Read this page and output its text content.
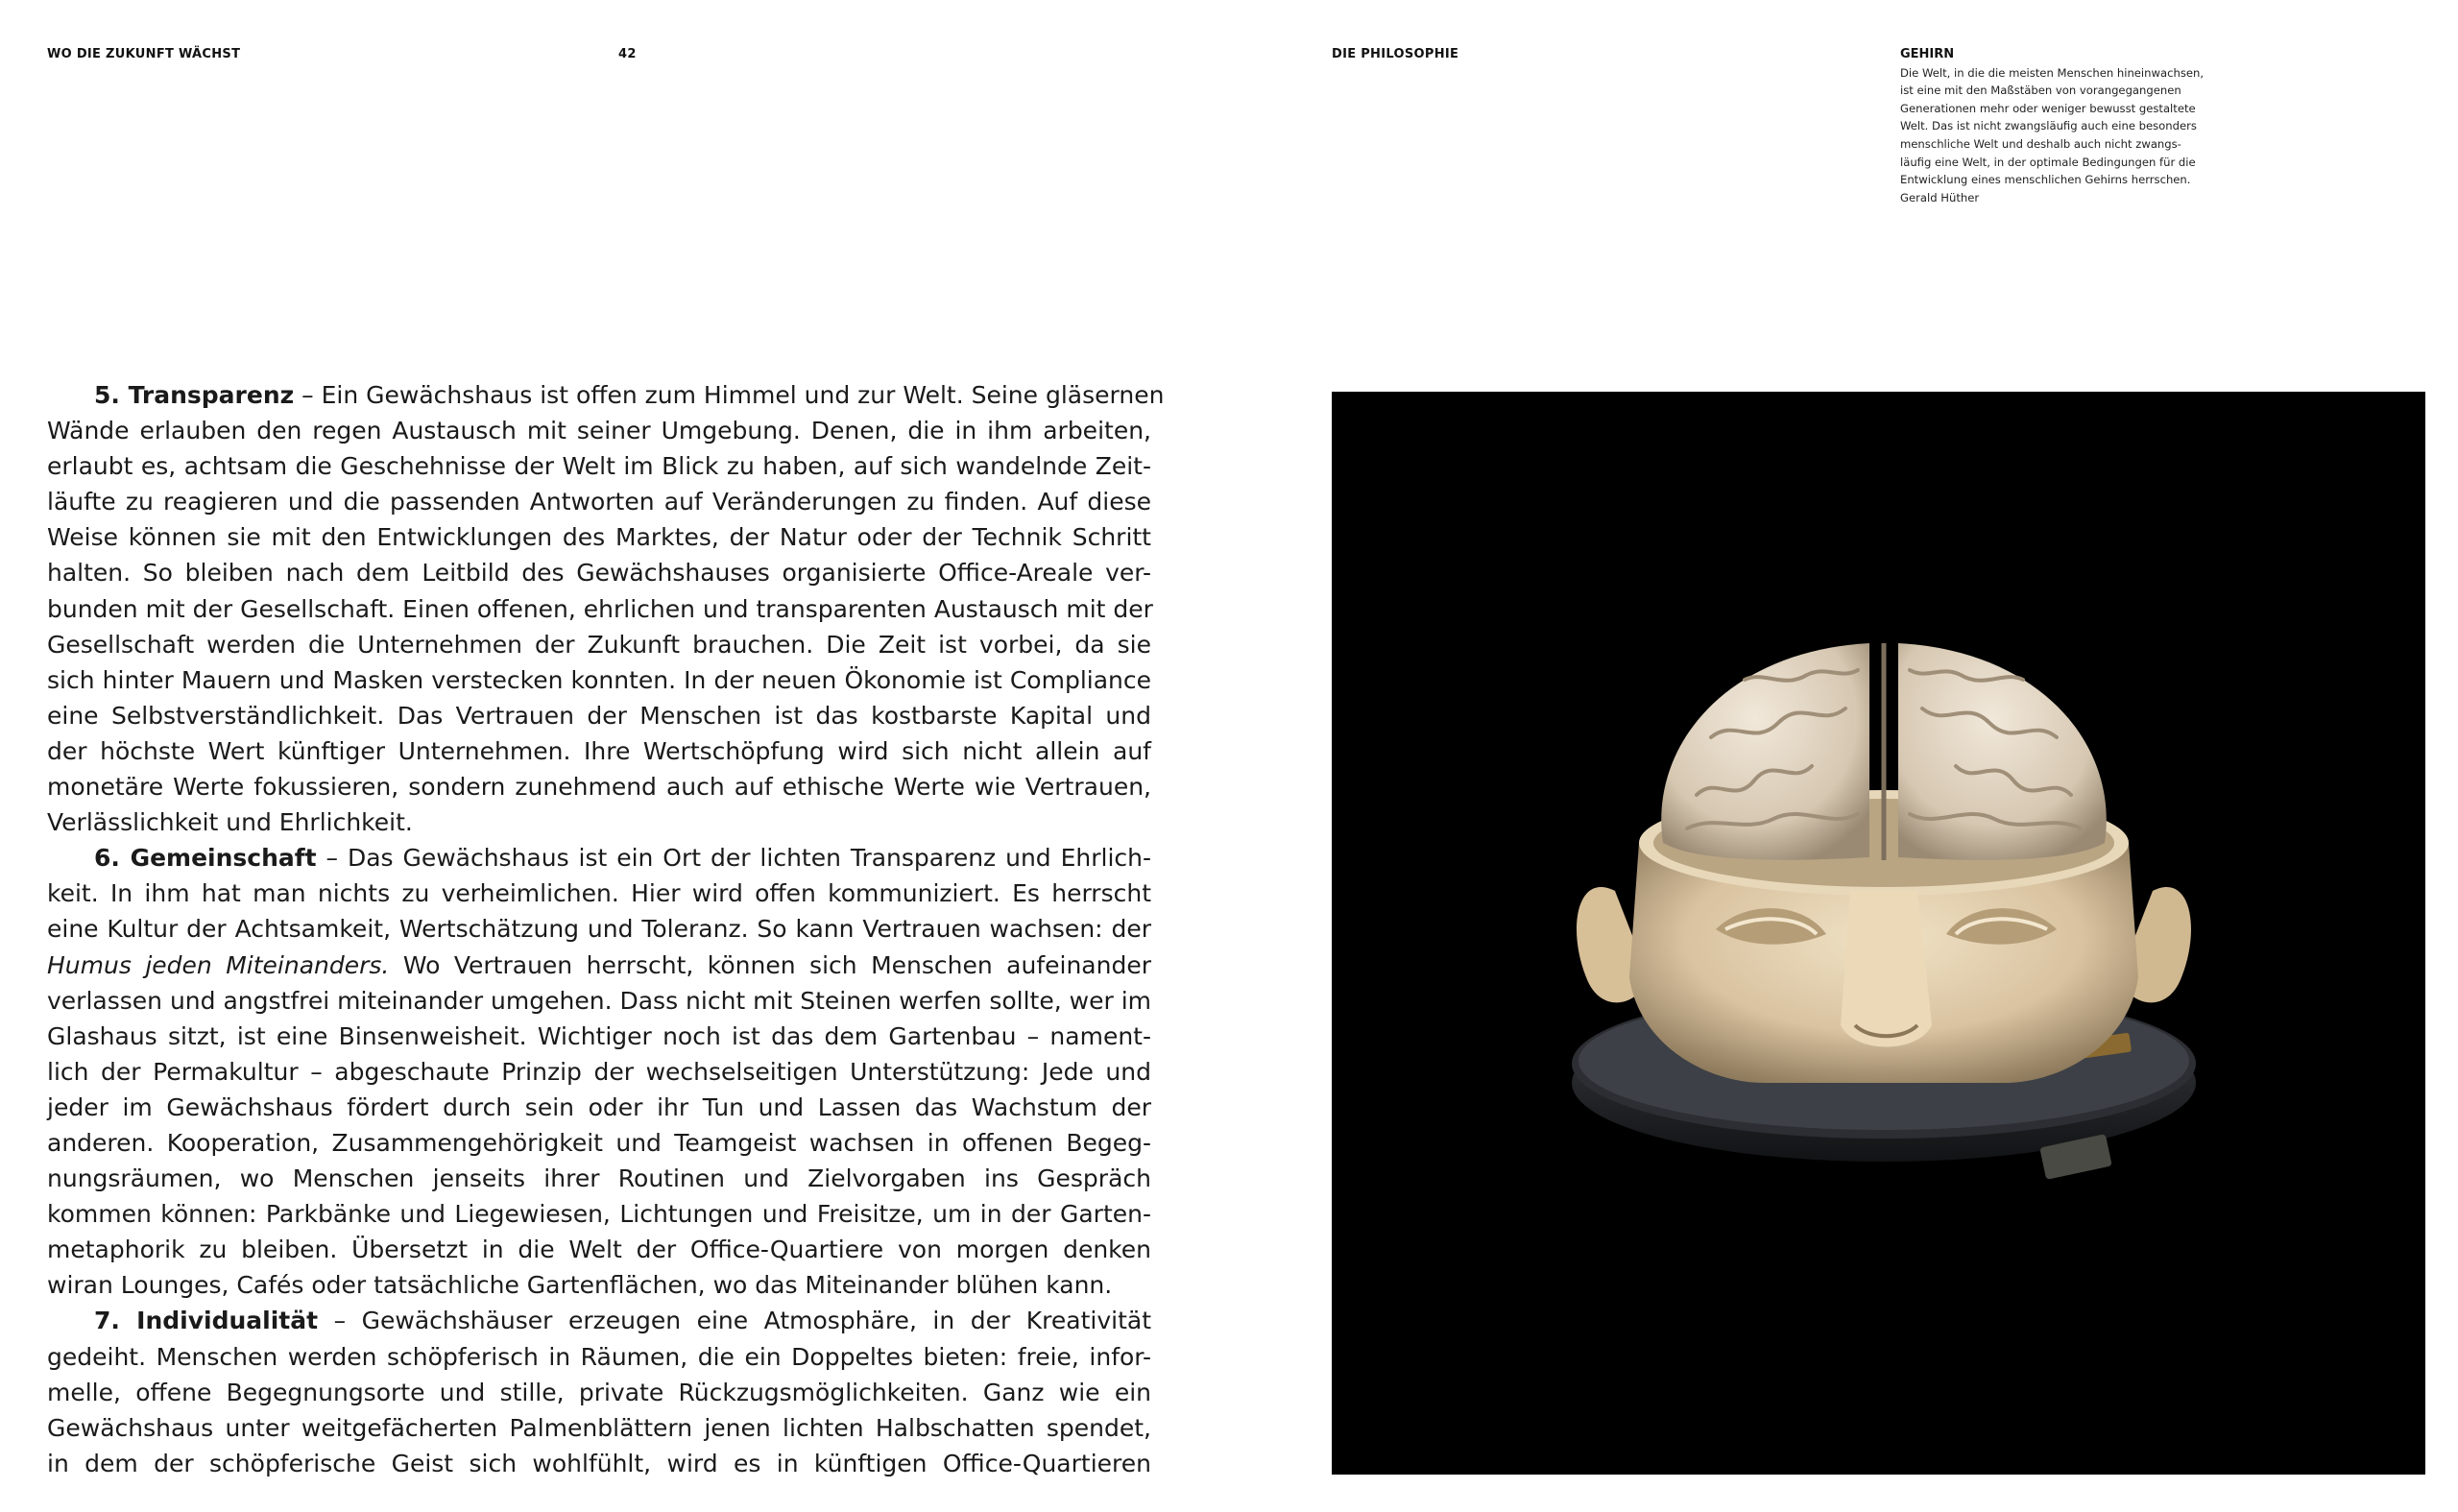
WO DIE ZUKUNFT WÄCHST	42	DIE PHILOSOPHIE	GEHIRN
Die Welt, in die die meisten Menschen hineinwachsen,
ist eine mit den Maßstäben von vorangegangenen
Generationen mehr oder weniger bewusst gestaltete
Welt. Das ist nicht zwangsläufig auch eine besonders
menschliche Welt und deshalb auch nicht zwangs-
läufig eine Welt, in der optimale Bedingungen für die
Entwicklung eines menschlichen Gehirns herrschen.
Gerald Hüther
5. Transparenz – Ein Gewächshaus ist offen zum Himmel und zur Welt. Seine gläsernen
Wände erlauben den regen Austausch mit seiner Umgebung. Denen, die in ihm arbeiten,
erlaubt es, achtsam die Geschehnisse der Welt im Blick zu haben, auf sich wandelnde Zeit-
läufte zu reagieren und die passenden Antworten auf Veränderungen zu finden. Auf diese
Weise können sie mit den Entwicklungen des Marktes, der Natur oder der Technik Schritt
halten. So bleiben nach dem Leitbild des Gewächshauses organisierte Office-Areale ver-
bunden mit der Gesellschaft. Einen offenen, ehrlichen und transparenten Austausch mit der
Gesellschaft werden die Unternehmen der Zukunft brauchen. Die Zeit ist vorbei, da sie
sich hinter Mauern und Masken verstecken konnten. In der neuen Ökonomie ist Compliance
eine Selbstverständlichkeit. Das Vertrauen der Menschen ist das kostbarste Kapital und
der höchste Wert künftiger Unternehmen. Ihre Wertschöpfung wird sich nicht allein auf
monetäre Werte fokussieren, sondern zunehmend auch auf ethische Werte wie Vertrauen,
Verlässlichkeit und Ehrlichkeit.
6. Gemeinschaft – Das Gewächshaus ist ein Ort der lichten Transparenz und Ehrlich-
keit. In ihm hat man nichts zu verheimlichen. Hier wird offen kommuniziert. Es herrscht
eine Kultur der Achtsamkeit, Wertschätzung und Toleranz. So kann Vertrauen wachsen: der
Humus jeden Miteinanders. Wo Vertrauen herrscht, können sich Menschen aufeinander
verlassen und angstfrei miteinander umgehen. Dass nicht mit Steinen werfen sollte, wer im
Glashaus sitzt, ist eine Binsenweisheit. Wichtiger noch ist das dem Gartenbau – nament-
lich der Permakultur – abgeschaute Prinzip der wechselseitigen Unterstützung: Jede und
jeder im Gewächshaus fördert durch sein oder ihr Tun und Lassen das Wachstum der
anderen. Kooperation, Zusammengehörigkeit und Teamgeist wachsen in offenen Begeg-
nungsräumen, wo Menschen jenseits ihrer Routinen und Zielvorgaben ins Gespräch
kommen können: Parkbänke und Liegewiesen, Lichtungen und Freisitze, um in der Garten-
metaphorik zu bleiben. Übersetzt in die Welt der Office-Quartiere von morgen denken
wiran Lounges, Cafés oder tatsächliche Gartenflächen, wo das Miteinander blühen kann.
7. Individualität – Gewächshäuser erzeugen eine Atmosphäre, in der Kreativität
gedeiht. Menschen werden schöpferisch in Räumen, die ein Doppeltes bieten: freie, infor-
melle, offene Begegnungsorte und stille, private Rückzugsmöglichkeiten. Ganz wie ein
Gewächshaus unter weitgefächerten Palmenblättern jenen lichten Halbschatten spendet,
in dem der schöpferische Geist sich wohlfühlt, wird es in künftigen Office-Quartieren
